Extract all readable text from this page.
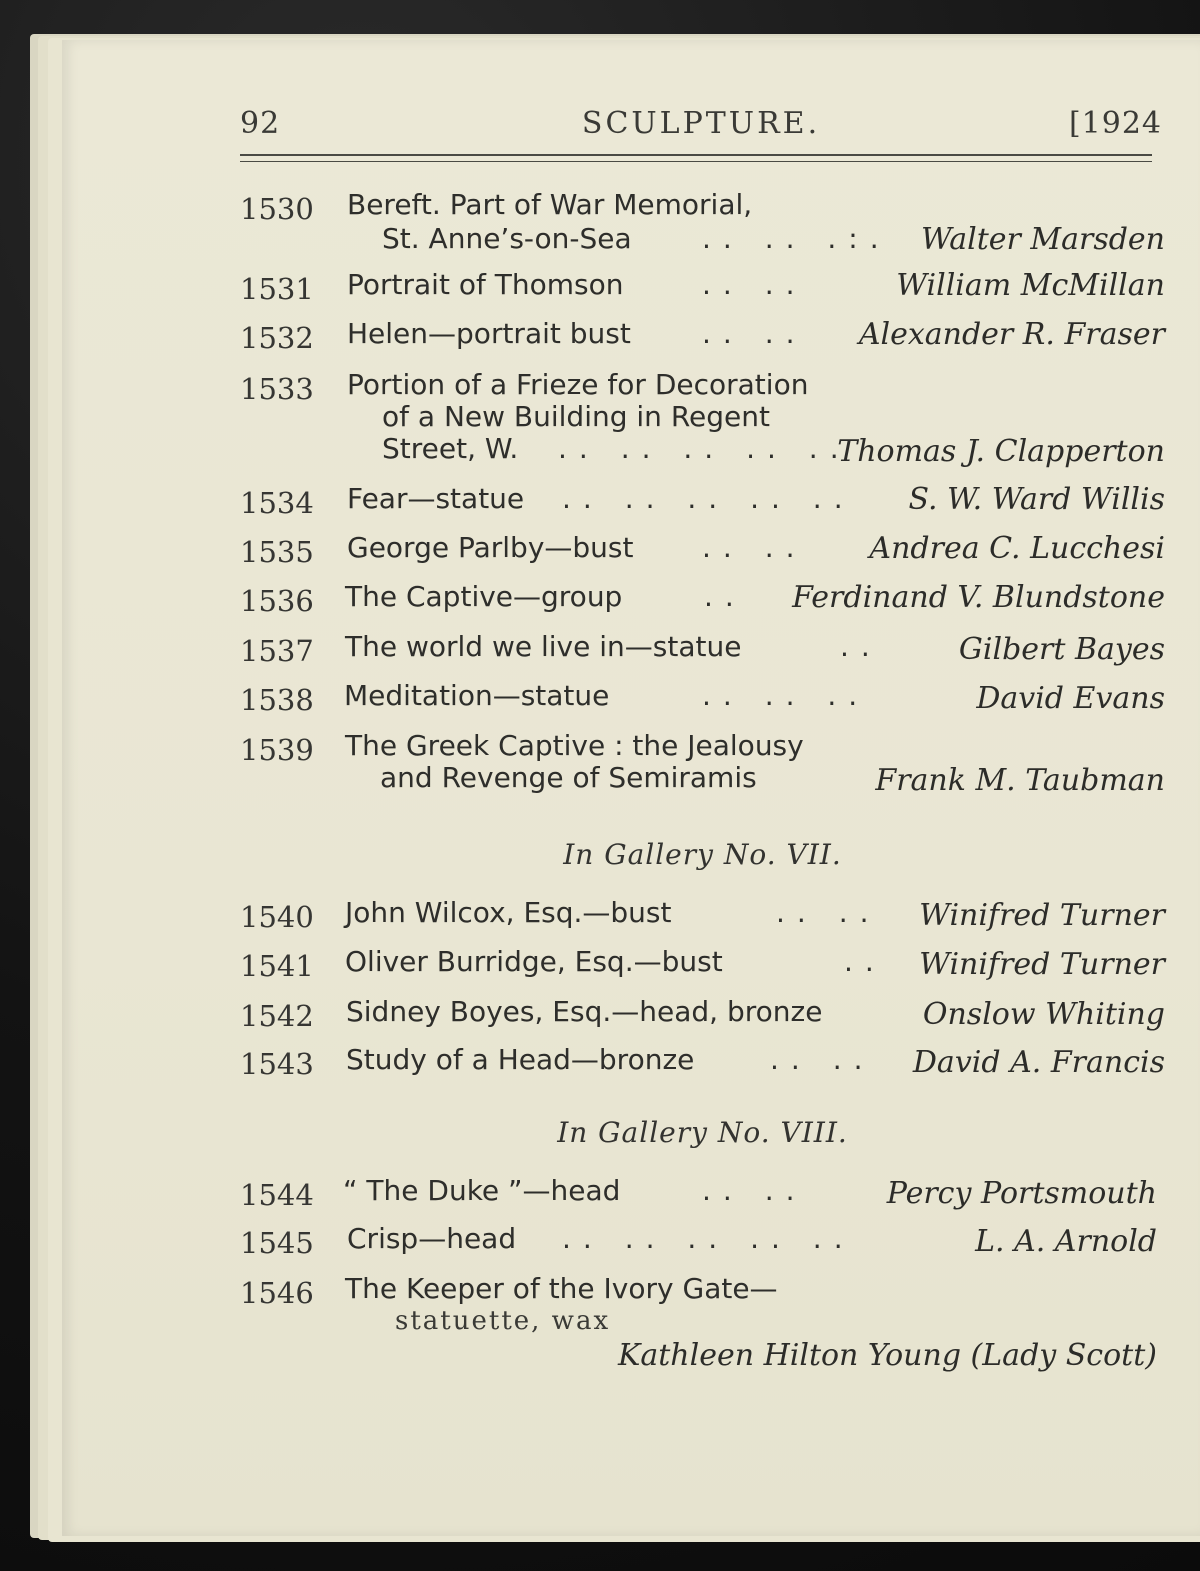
92	SCULPTURE.	[1924
1530 Bereft. Part of War Memorial,
St. Anne’s-on-Sea	.. .. .:. Walter Marsden
1531 Portrait of Thomson	.. ..	William McMillan
1532 Helen—portrait bust	.. .. Alexander R. Fraser
1533 Portion of a Frieze for Decoration
of a New Building in Regent
Street, W. .. .. .. .. ..
Thomas J. Clapperton
1534 Fear—statue .. .. .. .. .. S. W. Ward Willis
1535 George Parlby—bust .. .. Andrea C. Lucchesi
1536 The Captive—group	.. Ferdinand V. Blundstone
1537 The world we live in—statue	..	Gilbert Bayes
1538 Meditation—statue	.. .. ..	David Evans
1539 The Greek Captive : the Jealousy
and Revenge of Semiramis	Frank M. Taubman
In Gallery No. VII.
1540 John Wilcox, Esq.—bust	.. .. Winifred Turner
1541 Oliver Burridge, Esq.—bust	.. Winifred Turner
1542 Sidney Boyes, Esq.—head, bronze	Onslow Whiting
1543 Study of a Head—bronze	.. .. David A. Francis
In Gallery No. VIII.
1544 “ The Duke ”—head	.. ..	Percy Portsmouth
1545 Crisp—head .. .. .. .. ..	L. A. Arnold
1546 The Keeper of the Ivory Gate—
statuette, wax
Kathleen Hilton Young (Lady Scott)
